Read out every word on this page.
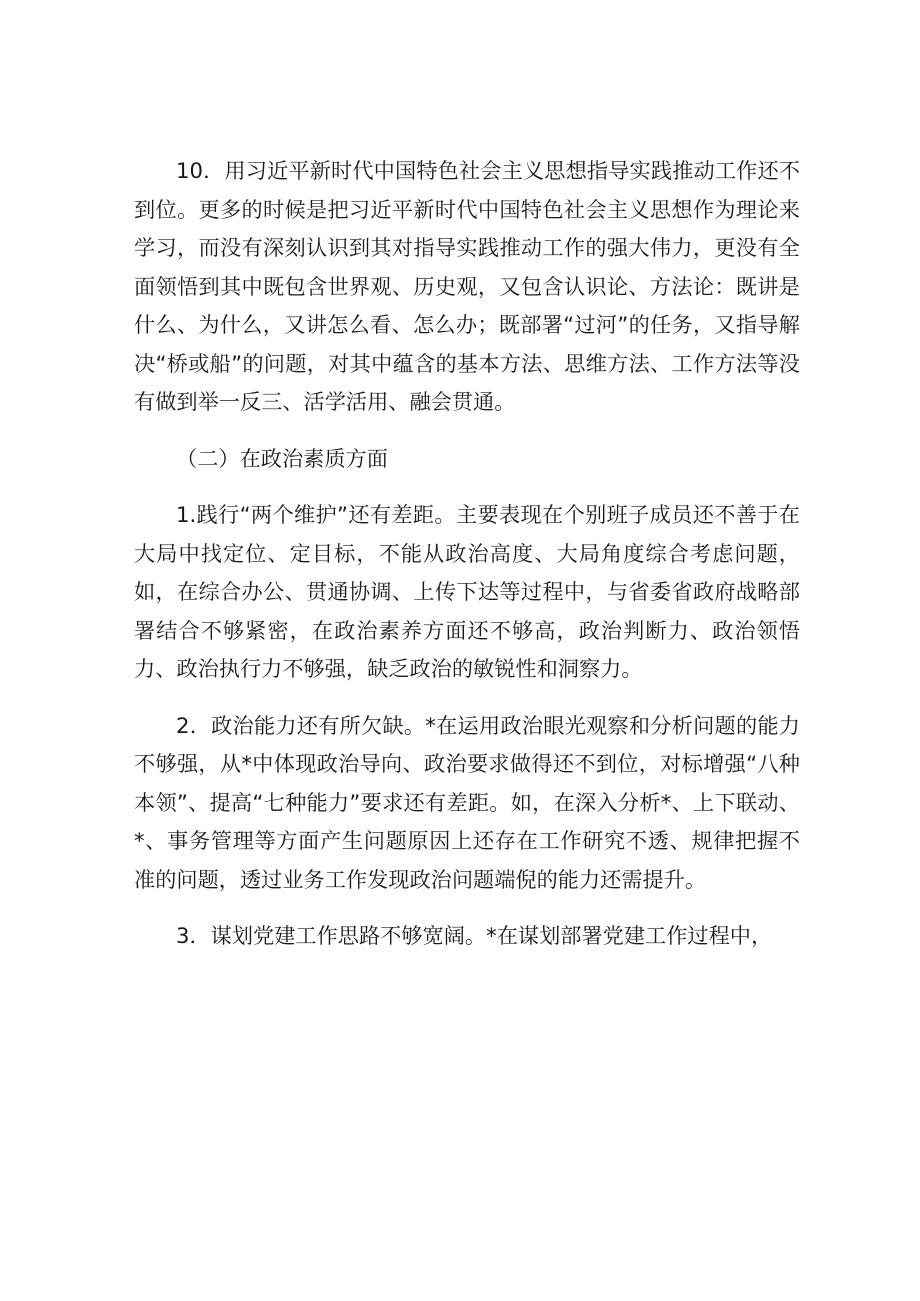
10．用习近平新时代中国特色社会主义思想指导实践推动工作还不到位。更多的时候是把习近平新时代中国特色社会主义思想作为理论来学习，而没有深刻认识到其对指导实践推动工作的强大伟力，更没有全面领悟到其中既包含世界观、历史观，又包含认识论、方法论：既讲是什么、为什么，又讲怎么看、怎么办；既部署“过河”的任务，又指导解决“桥或船”的问题，对其中蕴含的基本方法、思维方法、工作方法等没有做到举一反三、活学活用、融会贯通。

（二）在政治素质方面

1.践行“两个维护”还有差距。主要表现在个别班子成员还不善于在大局中找定位、定目标，不能从政治高度、大局角度综合考虑问题，如，在综合办公、贯通协调、上传下达等过程中，与省委省政府战略部署结合不够紧密，在政治素养方面还不够高，政治判断力、政治领悟力、政治执行力不够强，缺乏政治的敏锐性和洞察力。

2．政治能力还有所欠缺。*在运用政治眼光观察和分析问题的能力不够强，从*中体现政治导向、政治要求做得还不到位，对标增强“八种本领”、提高“七种能力”要求还有差距。如，在深入分析*、上下联动、*、事务管理等方面产生问题原因上还存在工作研究不透、规律把握不准的问题，透过业务工作发现政治问题端倪的能力还需提升。

3．谋划党建工作思路不够宽阔。*在谋划部署党建工作过程中，
